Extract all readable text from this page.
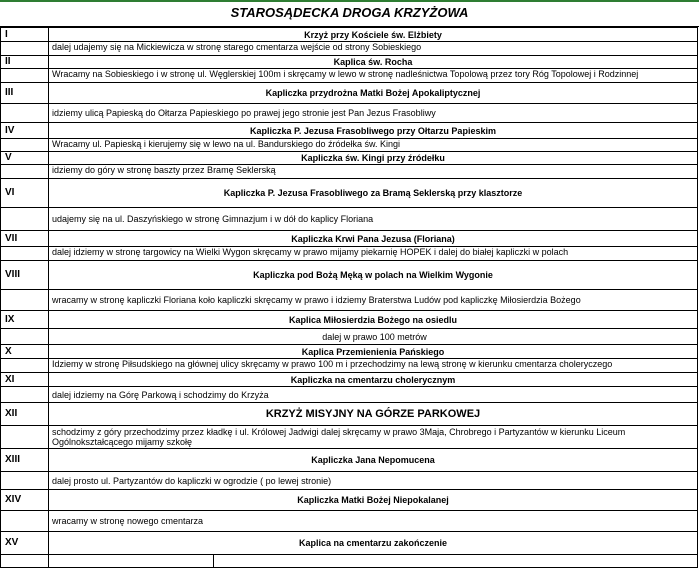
STAROSĄDECKA DROGA KRZYŻOWA
I	Krzyż przy Kościele św. Elżbiety	
	dalej udajemy się na Mickiewicza w stronę starego cmentarza wejście od strony Sobieskiego	
II	Kaplica św. Rocha	
	Wracamy na Sobieskiego i w stronę ul. Węglerskiej 100m i skręcamy w lewo w stronę nadleśnictwa Topolową przez tory Róg Topolowej i Rodzinnej	
III	Kapliczka przydrożna Matki Bożej Apokaliptycznej	
	idziemy ulicą Papieską do Ołtarza Papieskiego po prawej jego stronie jest Pan Jezus Frasobliwy	
IV	Kapliczka P. Jezusa Frasobliwego przy Ołtarzu Papieskim	
	Wracamy ul. Papieską i kierujemy się w lewo na ul. Bandurskiego do źródełka św. Kingi	
V	Kapliczka św. Kingi przy źródełku	
	idziemy do góry w stronę baszty przez Bramę Seklerską	
VI	Kapliczka P. Jezusa Frasobliwego za Bramą Seklerską przy klasztorze	
	udajemy się na ul. Daszyńskiego w stronę Gimnazjum i w dół do kaplicy Floriana	
VII	Kapliczka Krwi Pana Jezusa (Floriana)	
	dalej idziemy w stronę targowicy na Wielki Wygon skręcamy w prawo mijamy piekarnię HOPEK i dalej do białej kapliczki w polach	
VIII	Kapliczka pod Bożą Męką w polach na Wielkim Wygonie	
	wracamy w stronę kapliczki Floriana koło kapliczki skręcamy w prawo i idziemy Braterstwa Ludów pod kapliczkę Miłosierdzia Bożego	
IX	Kaplica Miłosierdzia Bożego na osiedlu	
	dalej w prawo 100 metrów	
X	Kaplica Przemienienia Pańskiego	
	Idziemy w stronę Piłsudskiego na głównej ulicy skręcamy w prawo 100 m i przechodzimy na lewą stronę w kierunku cmentarza choleryczego	
XI	Kapliczka na cmentarzu cholerycznym	
	dalej idziemy na Górę Parkową i schodzimy do Krzyża	
XII	KRZYŻ MISYJNY NA GÓRZE PARKOWEJ	
	schodzimy z góry przechodzimy przez kładkę i ul. Królowej Jadwigi dalej skręcamy w prawo 3Maja, Chrobrego i Partyzantów w kierunku Liceum Ogólnokształcącego mijamy szkołę	
XIII	Kapliczka Jana Nepomucena	
	dalej prosto ul. Partyzantów do kapliczki w ogrodzie ( po lewej stronie)	
XIV	Kapliczka Matki Bożej Niepokalanej	
	wracamy w stronę nowego cmentarza	
XV	Kaplica na cmentarzu zakończenie	
